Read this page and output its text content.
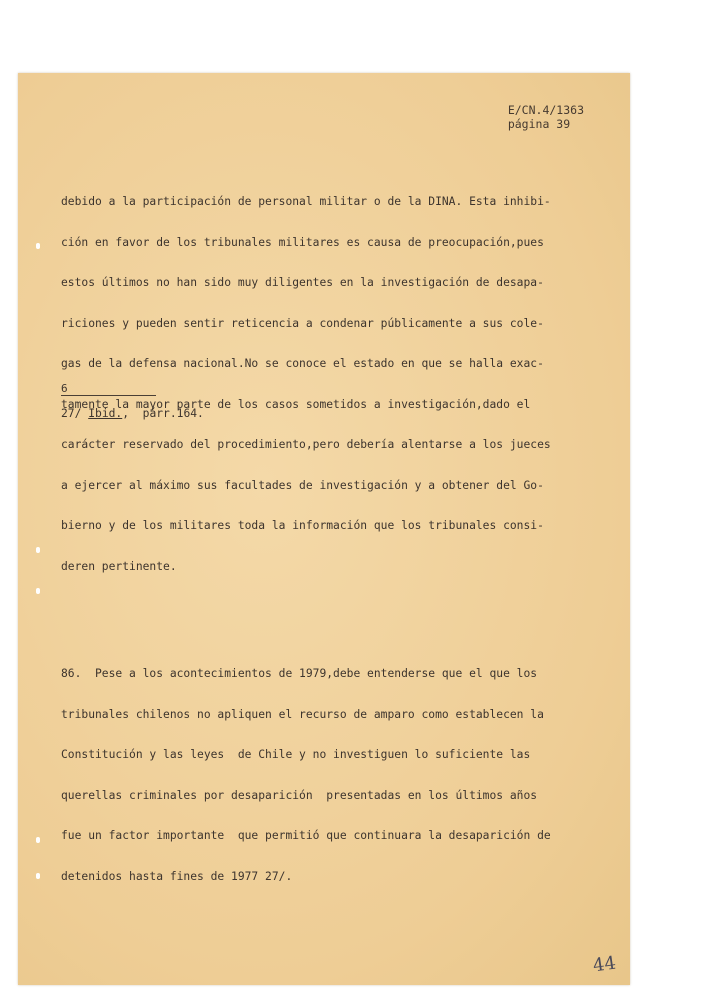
E/CN.4/1363
página 39

debido a la participación de personal militar o de la DINA. Esta inhibi-

ción en favor de los tribunales militares es causa de preocupación,pues

estos últimos no han sido muy diligentes en la investigación de desapa-

riciones y pueden sentir reticencia a condenar públicamente a sus cole-

gas de la defensa nacional.No se conoce el estado en que se halla exac-

tamente la mayor parte de los casos sometidos a investigación,dado el

carácter reservado del procedimiento,pero debería alentarse a los jueces

a ejercer al máximo sus facultades de investigación y a obtener del Go-

bierno y de los militares toda la información que los tribunales consi-

deren pertinente.

86.  Pese a los acontecimientos de 1979,debe entenderse que el que los

tribunales chilenos no apliquen el recurso de amparo como establecen la

Constitución y las leyes  de Chile y no investiguen lo suficiente las

querellas criminales por desaparición  presentadas en los últimos años

fue un factor importante  que permitió que continuara la desaparición de

detenidos hasta fines de 1977 27/.

6
27/ Ibid.,  párr.164.
44
